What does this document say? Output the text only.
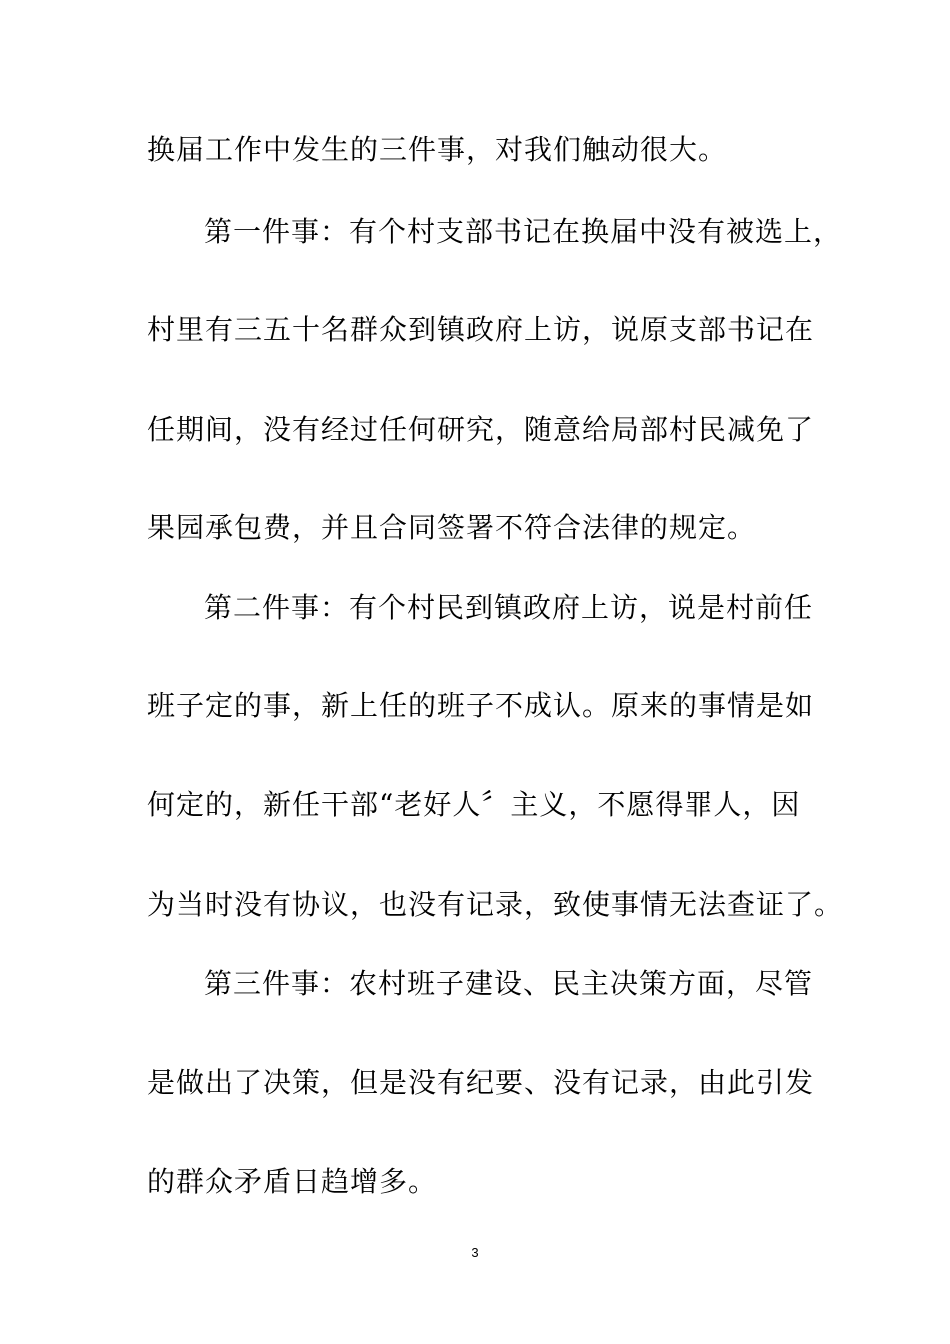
换届工作中发生的三件事，对我们触动很大。
第一件事：有个村支部书记在换届中没有被选上，
村里有三五十名群众到镇政府上访，说原支部书记在
任期间，没有经过任何研究，随意给局部村民减免了
果园承包费，并且合同签署不符合法律的规定。
第二件事：有个村民到镇政府上访，说是村前任
班子定的事，新上任的班子不成认。原来的事情是如
何定的，新任干部“老好人〞主义，不愿得罪人，因
为当时没有协议，也没有记录，致使事情无法查证了。
第三件事：农村班子建设、民主决策方面，尽管
是做出了决策，但是没有纪要、没有记录，由此引发
的群众矛盾日趋增多。
3
